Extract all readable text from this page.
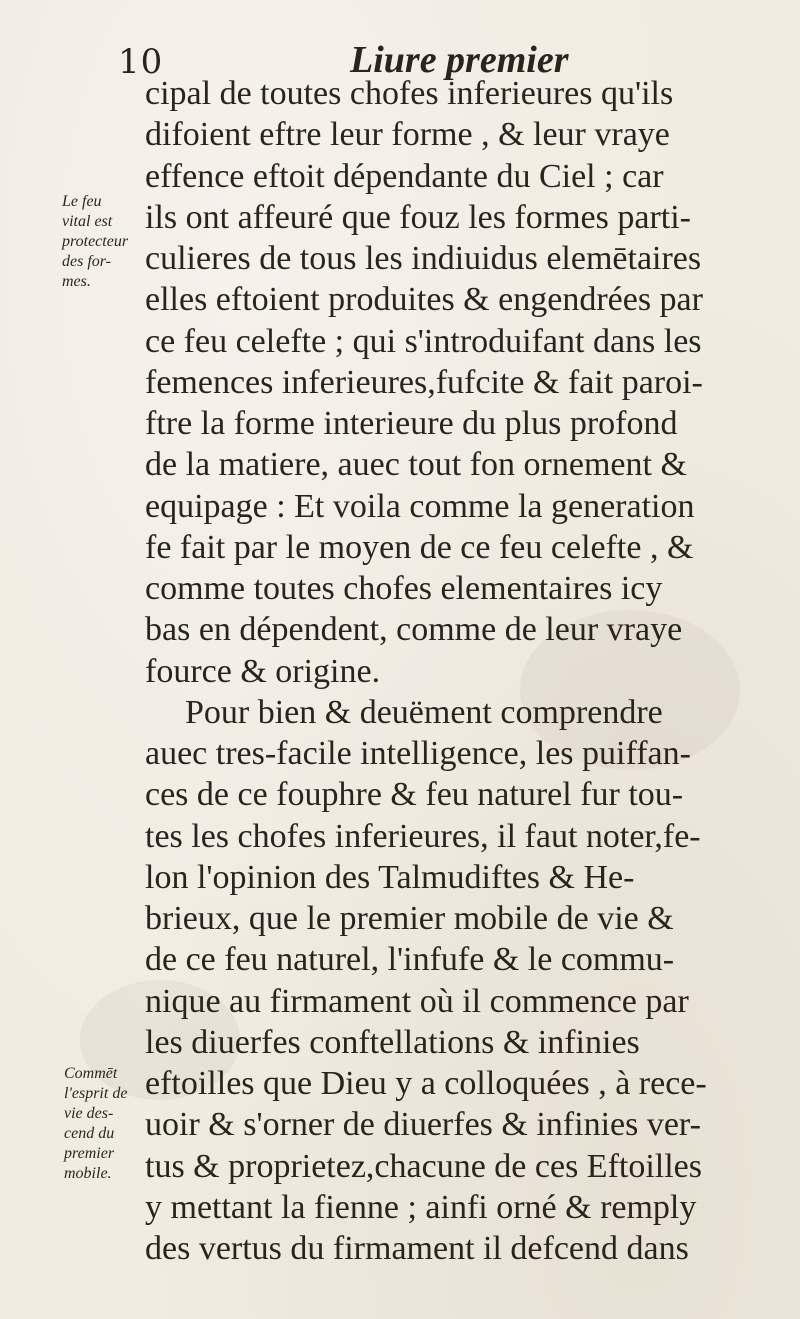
10	Liure premier
Le feu
vital est
protecteur
des for-
mes.
Commēt
l'esprit de
vie des-
cend du
premier
mobile.
cipal de toutes chofes inferieures qu'ils
difoient eftre leur forme , & leur vraye
effence eftoit dépendante du Ciel ; car
ils ont affeuré que fouz les formes parti-
culieres de tous les indiuidus elemētaires
elles eftoient produites & engendrées par
ce feu celefte ; qui s'introduifant dans les
femences inferieures,fufcite & fait paroi-
ftre la forme interieure du plus profond
de la matiere, auec tout fon ornement &
equipage : Et voila comme la generation
fe fait par le moyen de ce feu celefte , &
comme toutes chofes elementaires icy
bas en dépendent, comme de leur vraye
fource & origine.
Pour bien & deuëment comprendre
auec tres-facile intelligence, les puiffan-
ces de ce fouphre & feu naturel fur tou-
tes les chofes inferieures, il faut noter,fe-
lon l'opinion des Talmudiftes & He-
brieux, que le premier mobile de vie &
de ce feu naturel, l'infufe & le commu-
nique au firmament où il commence par
les diuerfes conftellations & infinies
eftoilles que Dieu y a colloquées , à rece-
uoir & s'orner de diuerfes & infinies ver-
tus & proprietez,chacune de ces Eftoilles
y mettant la fienne ; ainfi orné & remply
des vertus du firmament il defcend dans
